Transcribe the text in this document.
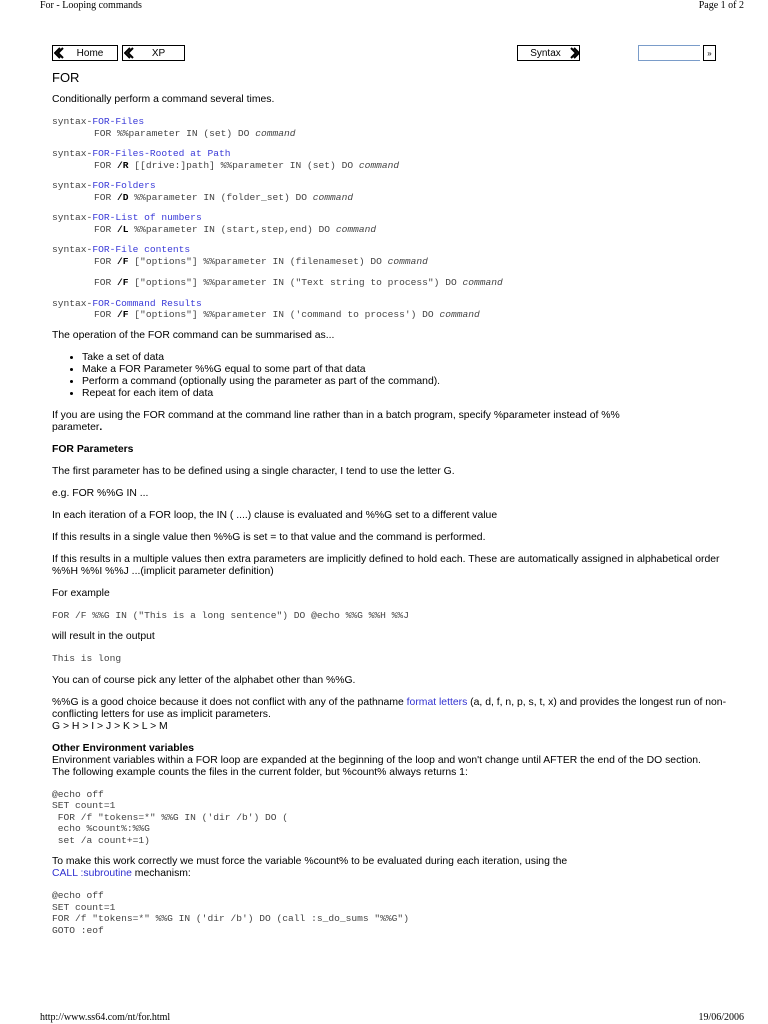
For - Looping commands	Page 1 of 2
Home	XP	Syntax	»
FOR

Conditionally perform a command several times.

syntax-FOR-Files
FOR %%parameter IN (set) DO command
syntax-FOR-Files-Rooted at Path
FOR /R [[drive:]path] %%parameter IN (set) DO command
syntax-FOR-Folders
FOR /D %%parameter IN (folder_set) DO command
syntax-FOR-List of numbers
FOR /L %%parameter IN (start,step,end) DO command
syntax-FOR-File contents
FOR /F ["options"] %%parameter IN (filenameset) DO command
FOR /F ["options"] %%parameter IN ("Text string to process") DO command
syntax-FOR-Command Results
FOR /F ["options"] %%parameter IN ('command to process') DO command

The operation of the FOR command can be summarised as...

• Take a set of data
• Make a FOR Parameter %%G equal to some part of that data
• Perform a command (optionally using the parameter as part of the command).
• Repeat for each item of data

If you are using the FOR command at the command line rather than in a batch program, specify %parameter instead of %%
parameter.

FOR Parameters

The first parameter has to be defined using a single character, I tend to use the letter G.

e.g. FOR %%G IN ...

In each iteration of a FOR loop, the IN ( ....) clause is evaluated and %%G set to a different value

If this results in a single value then %%G is set = to that value and the command is performed.

If this results in a multiple values then extra parameters are implicitly defined to hold each. These are automatically assigned in alphabetical order %%H %%I %%J ...(implicit parameter definition)

For example

FOR /F %%G IN ("This is a long sentence") DO @echo %%G %%H %%J

will result in the output

This is long

You can of course pick any letter of the alphabet other than %%G.

%%G is a good choice because it does not conflict with any of the pathname format letters (a, d, f, n, p, s, t, x) and provides the longest run of non-conflicting letters for use as implicit parameters.
G > H > I > J > K > L > M

Other Environment variables
Environment variables within a FOR loop are expanded at the beginning of the loop and won't change until AFTER the end of the DO section.
The following example counts the files in the current folder, but %count% always returns 1:

@echo off
SET count=1
FOR /f "tokens=*" %%G IN ('dir /b') DO (
echo %count%:%%G
set /a count+=1)

To make this work correctly we must force the variable %count% to be evaluated during each iteration, using the
CALL :subroutine mechanism:

@echo off
SET count=1
FOR /f "tokens=*" %%G IN ('dir /b') DO (call :s_do_sums "%%G")
GOTO :eof
http://www.ss64.com/nt/for.html	19/06/2006
